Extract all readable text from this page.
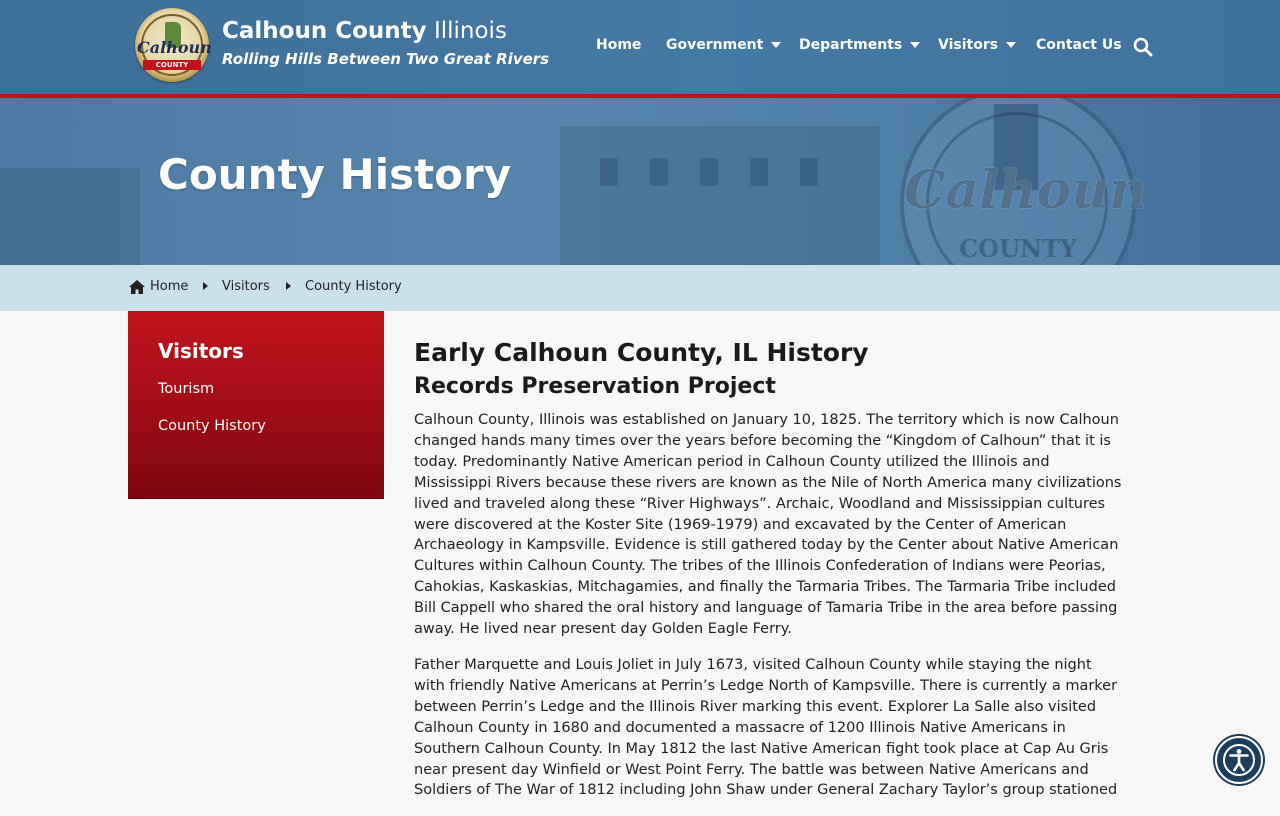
Calhoun
COUNTY
Calhoun County Illinois
Rolling Hills Between Two Great Rivers
Home Government	Departments	Visitors	Contact Us
Calhoun
COUNTY
County History
Home	Visitors	County History
Visitors
Tourism
County History
Early Calhoun County, IL History
Records Preservation Project

Calhoun County, Illinois was established on January 10, 1825. The territory which is now Calhoun changed hands many times over the years before becoming the “Kingdom of Calhoun” that it is today. Predominantly Native American period in Calhoun County utilized the Illinois and Mississippi Rivers because these rivers are known as the Nile of North America many civilizations lived and traveled along these “River Highways”. Archaic, Woodland and Mississippian cultures were discovered at the Koster Site (1969-1979) and excavated by the Center of American Archaeology in Kampsville. Evidence is still gathered today by the Center about Native American Cultures within Calhoun County. The tribes of the Illinois Confederation of Indians were Peorias, Cahokias, Kaskaskias, Mitchagamies, and finally the Tarmaria Tribes. The Tarmaria Tribe included Bill Cappell who shared the oral history and language of Tamaria Tribe in the area before passing away. He lived near present day Golden Eagle Ferry.

Father Marquette and Louis Joliet in July 1673, visited Calhoun County while staying the night with friendly Native Americans at Perrin’s Ledge North of Kampsville. There is currently a marker between Perrin’s Ledge and the Illinois River marking this event. Explorer La Salle also visited Calhoun County in 1680 and documented a massacre of 1200 Illinois Native Americans in Southern Calhoun County. In May 1812 the last Native American fight took place at Cap Au Gris near present day Winfield or West Point Ferry. The battle was between Native Americans and Soldiers of The War of 1812 including John Shaw under General Zachary Taylor’s group stationed
